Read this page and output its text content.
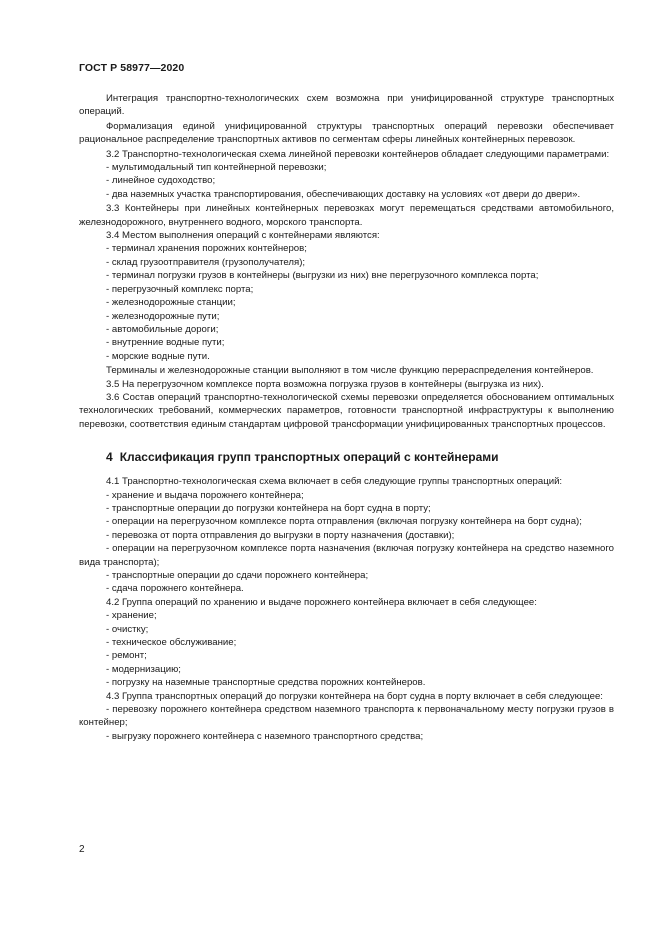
ГОСТ Р 58977—2020

Интеграция транспортно-технологических схем возможна при унифицированной структуре транспортных операций.

Формализация единой унифицированной структуры транспортных операций перевозки обеспечивает рациональное распределение транспортных активов по сегментам сферы линейных контейнерных перевозок.

3.2 Транспортно-технологическая схема линейной перевозки контейнеров обладает следующими параметрами:

- мультимодальный тип контейнерной перевозки;

- линейное судоходство;

- два наземных участка транспортирования, обеспечивающих доставку на условиях «от двери до двери».

3.3 Контейнеры при линейных контейнерных перевозках могут перемещаться средствами автомобильного, железнодорожного, внутреннего водного, морского транспорта.

3.4 Местом выполнения операций с контейнерами являются:

- терминал хранения порожних контейнеров;

- склад грузоотправителя (грузополучателя);

- терминал погрузки грузов в контейнеры (выгрузки из них) вне перегрузочного комплекса порта;

- перегрузочный комплекс порта;

- железнодорожные станции;

- железнодорожные пути;

- автомобильные дороги;

- внутренние водные пути;

- морские водные пути.

Терминалы и железнодорожные станции выполняют в том числе функцию перераспределения контейнеров.

3.5 На перегрузочном комплексе порта возможна погрузка грузов в контейнеры (выгрузка из них).

3.6 Состав операций транспортно-технологической схемы перевозки определяется обоснованием оптимальных технологических требований, коммерческих параметров, готовности транспортной инфраструктуры к выполнению перевозки, соответствия единым стандартам цифровой трансформации унифицированных транспортных процессов.

4 Классификация групп транспортных операций с контейнерами

4.1 Транспортно-технологическая схема включает в себя следующие группы транспортных операций:

- хранение и выдача порожнего контейнера;

- транспортные операции до погрузки контейнера на борт судна в порту;

- операции на перегрузочном комплексе порта отправления (включая погрузку контейнера на борт судна);

- перевозка от порта отправления до выгрузки в порту назначения (доставки);

- операции на перегрузочном комплексе порта назначения (включая погрузку контейнера на средство наземного вида транспорта);

- транспортные операции до сдачи порожнего контейнера;

- сдача порожнего контейнера.

4.2 Группа операций по хранению и выдаче порожнего контейнера включает в себя следующее:

- хранение;

- очистку;

- техническое обслуживание;

- ремонт;

- модернизацию;

- погрузку на наземные транспортные средства порожних контейнеров.

4.3 Группа транспортных операций до погрузки контейнера на борт судна в порту включает в себя следующее:

- перевозку порожнего контейнера средством наземного транспорта к первоначальному месту погрузки грузов в контейнер;

- выгрузку порожнего контейнера с наземного транспортного средства;

2
